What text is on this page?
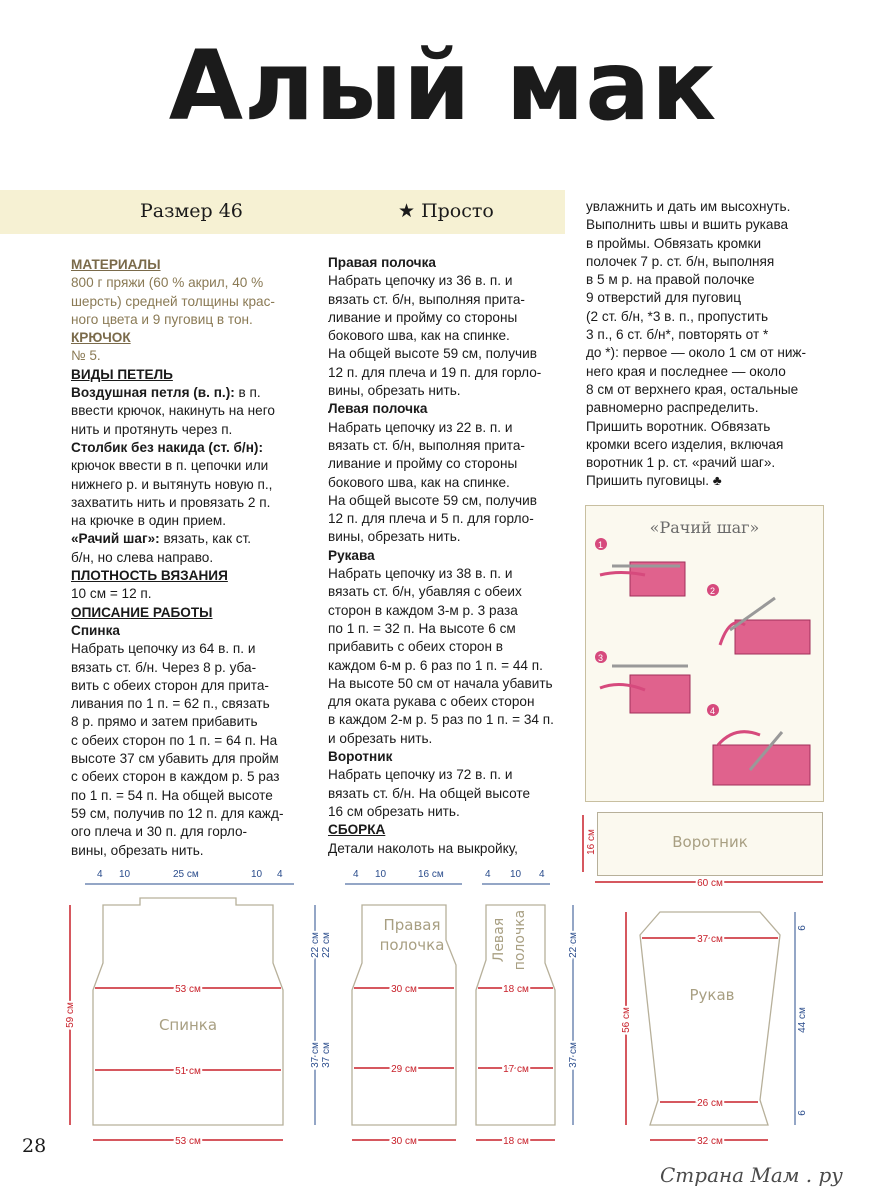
Алый мак
Размер 46	★ Просто

МАТЕРИАЛЫ

800 г пряжи (60 % акрил, 40 %

шерсть) средней толщины крас-

ного цвета и 9 пуговиц в тон.

КРЮЧОК

№ 5.

ВИДЫ ПЕТЕЛЬ

Воздушная петля (в. п.): в п.

ввести крючок, накинуть на него

нить и протянуть через п.

Столбик без накида (ст. б/н):

крючок ввести в п. цепочки или

нижнего р. и вытянуть новую п.,

захватить нить и провязать 2 п.

на крючке в один прием.

«Рачий шаг»: вязать, как ст.

б/н, но слева направо.

ПЛОТНОСТЬ ВЯЗАНИЯ

10 см = 12 п.

ОПИСАНИЕ РАБОТЫ

Спинка

Набрать цепочку из 64 в. п. и

вязать ст. б/н. Через 8 р. уба-

вить с обеих сторон для прита-

ливания по 1 п. = 62 п., связать

8 р. прямо и затем прибавить

с обеих сторон по 1 п. = 64 п. На

высоте 37 см убавить для пройм

с обеих сторон в каждом р. 5 раз

по 1 п. = 54 п. На общей высоте

59 см, получив по 12 п. для кажд-

ого плеча и 30 п. для горло-

вины, обрезать нить.

Правая полочка

Набрать цепочку из 36 в. п. и

вязать ст. б/н, выполняя прита-

ливание и пройму со стороны

бокового шва, как на спинке.

На общей высоте 59 см, получив

12 п. для плеча и 19 п. для горло-

вины, обрезать нить.

Левая полочка

Набрать цепочку из 22 в. п. и

вязать ст. б/н, выполняя прита-

ливание и пройму со стороны

бокового шва, как на спинке.

На общей высоте 59 см, получив

12 п. для плеча и 5 п. для горло-

вины, обрезать нить.

Рукава

Набрать цепочку из 38 в. п. и

вязать ст. б/н, убавляя с обеих

сторон в каждом 3-м р. 3 раза

по 1 п. = 32 п. На высоте 6 см

прибавить с обеих сторон в

каждом 6-м р. 6 раз по 1 п. = 44 п.

На высоте 50 см от начала убавить

для оката рукава с обеих сторон

в каждом 2-м р. 5 раз по 1 п. = 34 п.

и обрезать нить.

Воротник

Набрать цепочку из 72 в. п. и

вязать ст. б/н. На общей высоте

16 см обрезать нить.

СБОРКА

Детали наколоть на выкройку,

увлажнить и дать им высохнуть.

Выполнить швы и вшить рукава

в проймы. Обвязать кромки

полочек 7 р. ст. б/н, выполняя

в 5 м р. на правой полочке

9 отверстий для пуговиц

(2 ст. б/н, *3 в. п., пропустить

3 п., 6 ст. б/н*, повторять от *

до *): первое — около 1 см от ниж-

него края и последнее — около

8 см от верхнего края, остальные

равномерно распределить.

Пришить воротник. Обвязать

кромки всего изделия, включая

воротник 1 р. ст. «рачий шаг».

Пришить пуговицы. ♣

«Рачий шаг»
1
2
3
4
Воротник
16 см
60 см
Спинка
4 10	25 см	10 4
53 см
51 см
53 см
59 см
22 см
37 см
Правая
полочка
4 10	16 см
30 см
29 см
30 см
22 см
37 см
Левая полочка
4 10 4
18 см
17 см
18 см
22 см
37 см
Рукав
37 см
26 см
32 см
56 см
6
44 см
6
28
Страна Мам . ру
